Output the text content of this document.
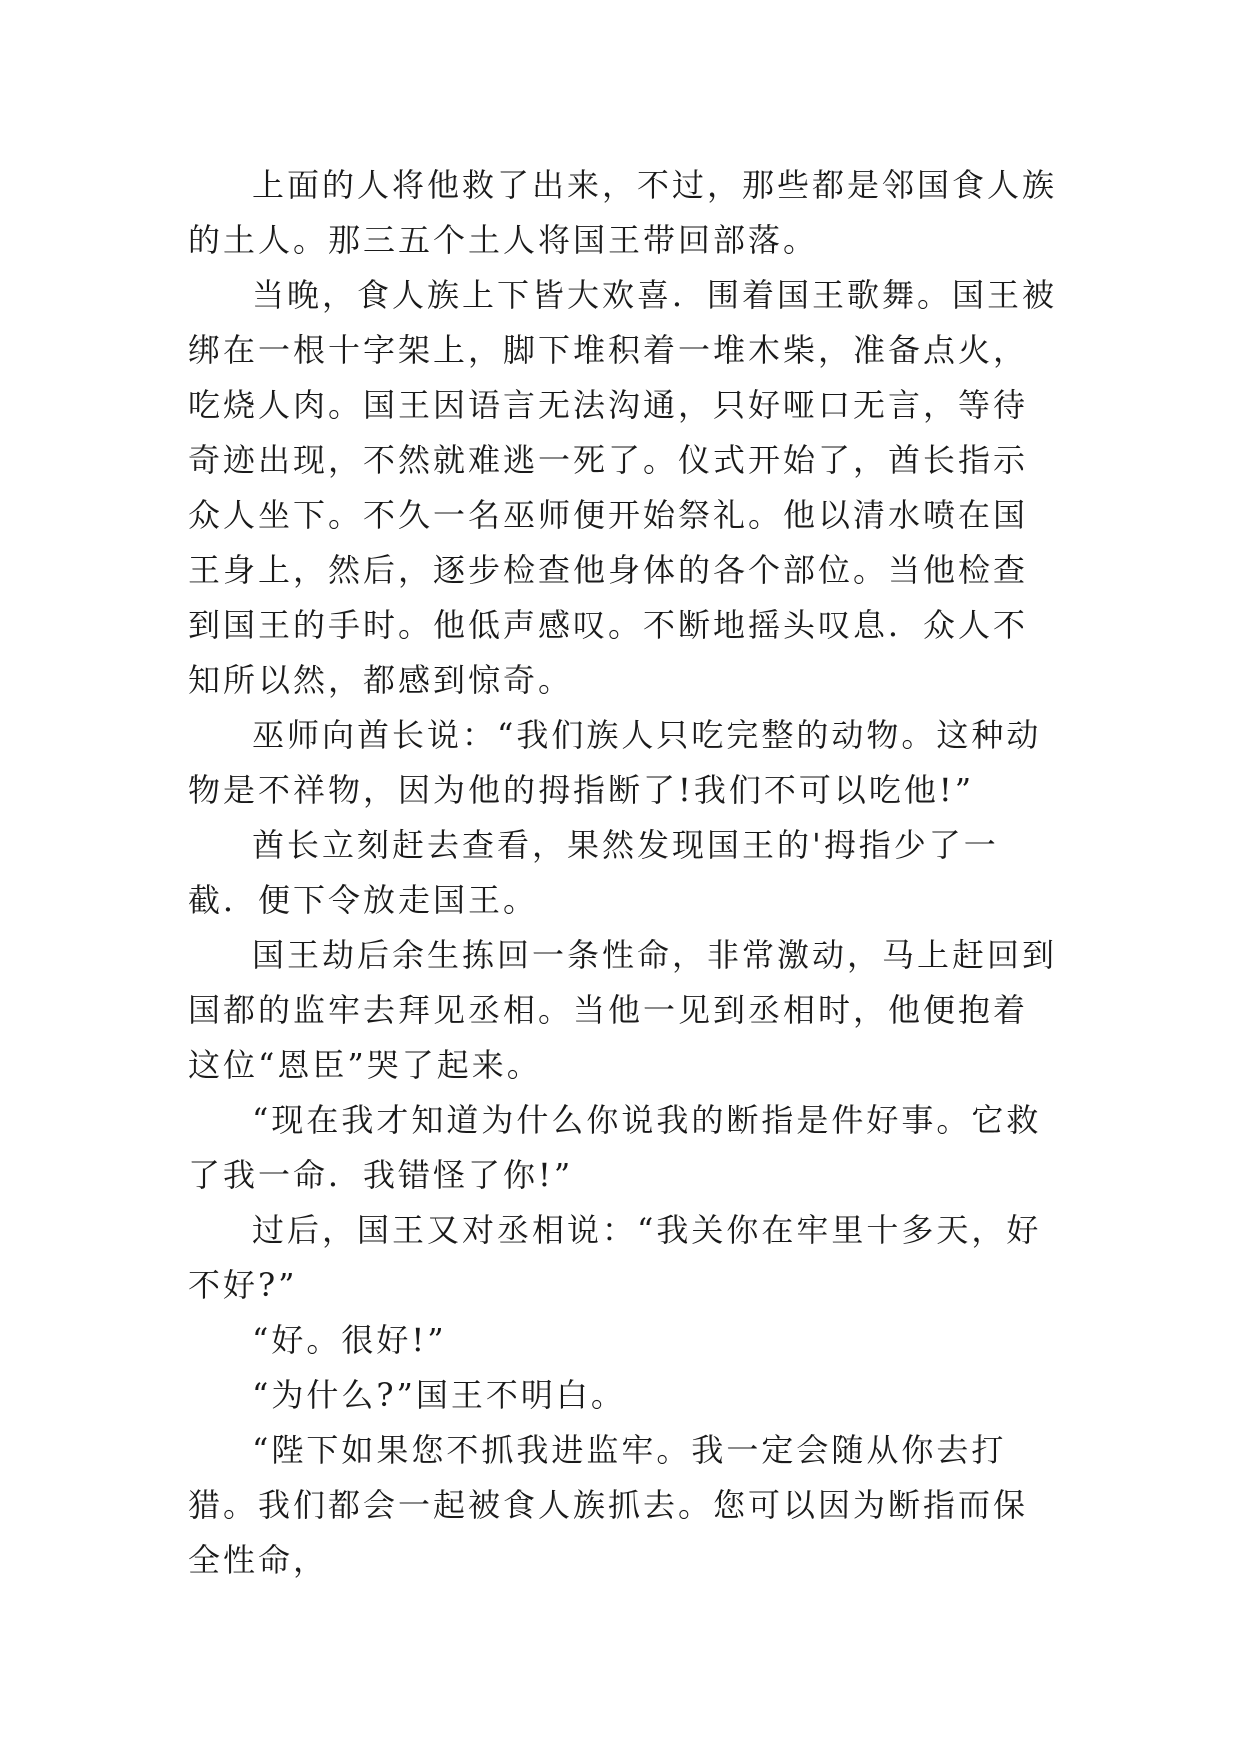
上面的人将他救了出来，不过，那些都是邻国食人族的土人。那三五个土人将国王带回部落。

当晚，食人族上下皆大欢喜．围着国王歌舞。国王被绑在一根十字架上，脚下堆积着一堆木柴，准备点火，吃烧人肉。国王因语言无法沟通，只好哑口无言，等待奇迹出现，不然就难逃一死了。仪式开始了，酋长指示众人坐下。不久一名巫师便开始祭礼。他以清水喷在国王身上，然后，逐步检查他身体的各个部位。当他检查到国王的手时。他低声感叹。不断地摇头叹息．众人不知所以然，都感到惊奇。

巫师向酋长说：“我们族人只吃完整的动物。这种动物是不祥物，因为他的拇指断了!我们不可以吃他!”

酋长立刻赶去查看，果然发现国王的'拇指少了一截．便下令放走国王。

国王劫后余生拣回一条性命，非常激动，马上赶回到国都的监牢去拜见丞相。当他一见到丞相时，他便抱着这位“恩臣”哭了起来。

“现在我才知道为什么你说我的断指是件好事。它救了我一命．我错怪了你!”

过后，国王又对丞相说：“我关你在牢里十多天，好不好?”

“好。很好!”

“为什么?”国王不明白。

“陛下如果您不抓我进监牢。我一定会随从你去打猎。我们都会一起被食人族抓去。您可以因为断指而保全性命，
